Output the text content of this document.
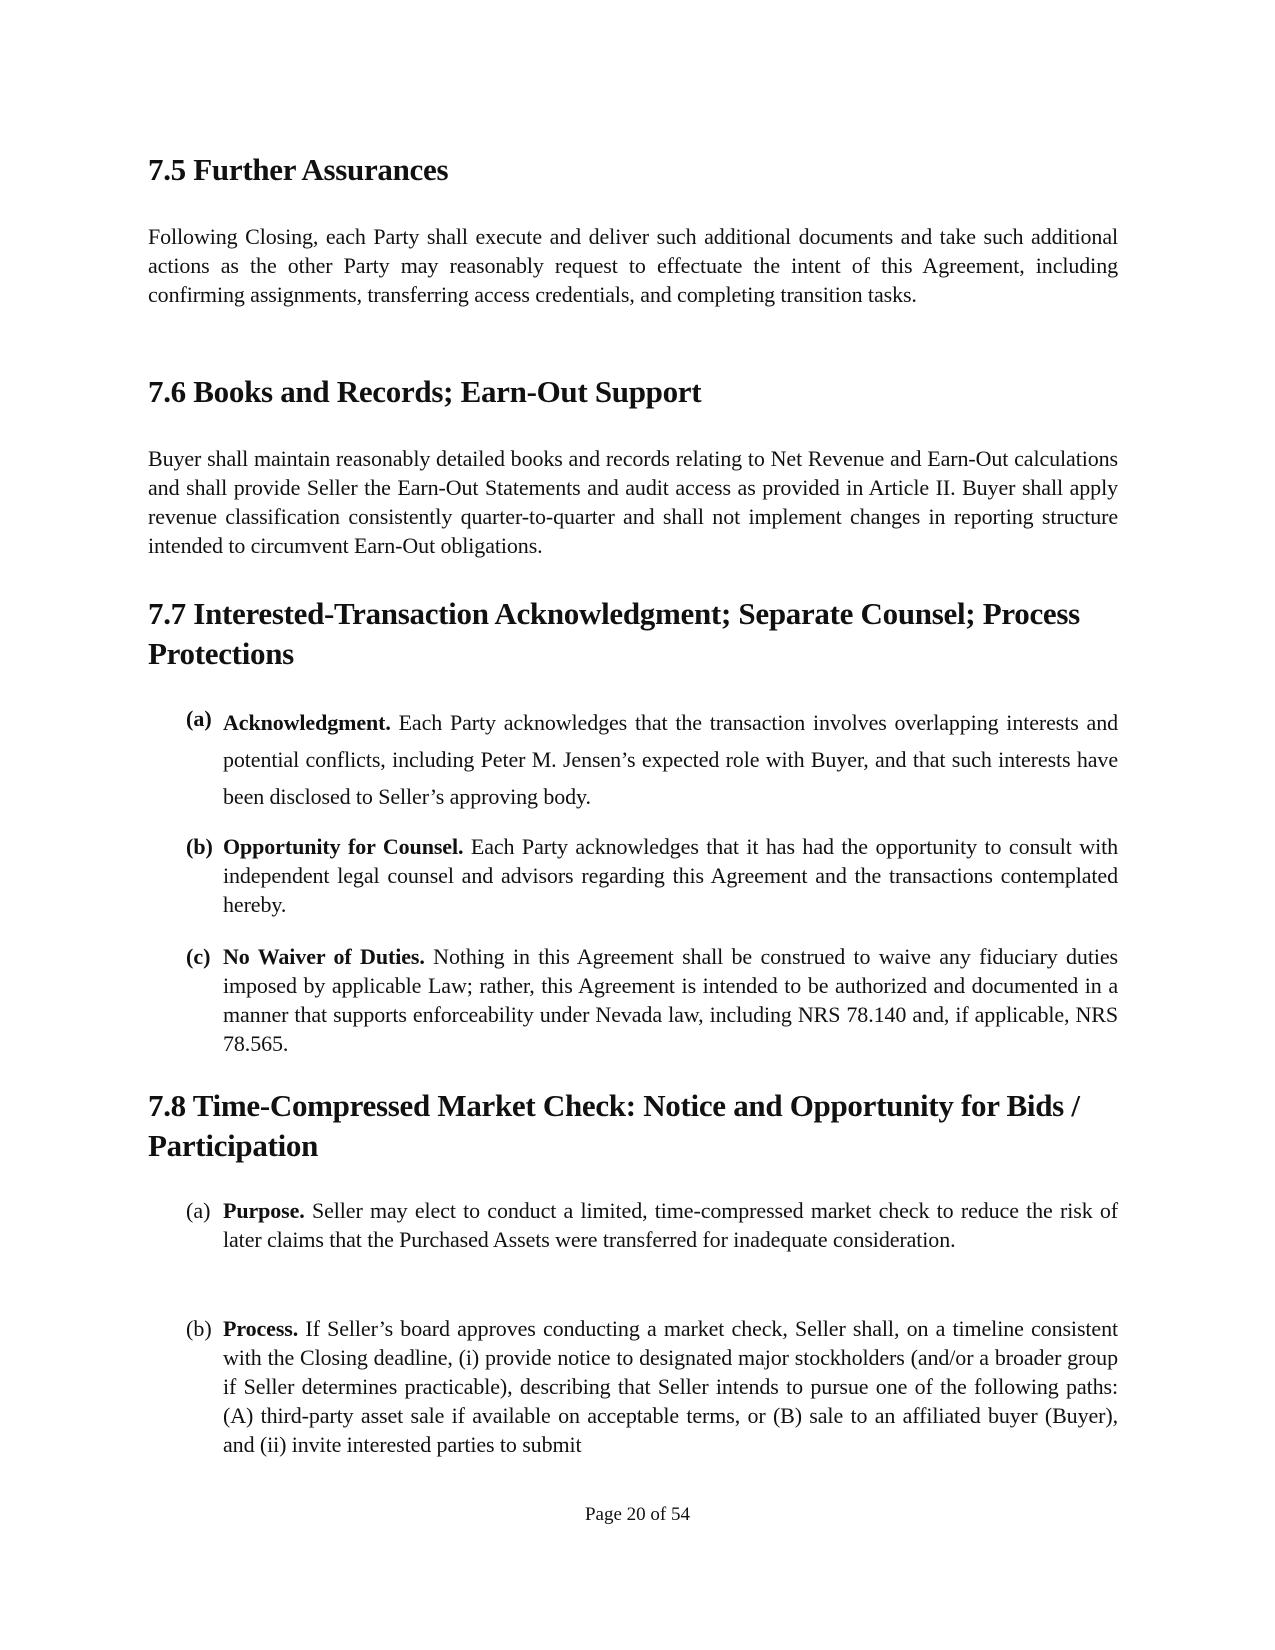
7.5 Further Assurances

Following Closing, each Party shall execute and deliver such additional documents and take such additional actions as the other Party may reasonably request to effectuate the intent of this Agreement, including confirming assignments, transferring access credentials, and completing transition tasks.

7.6 Books and Records; Earn-Out Support

Buyer shall maintain reasonably detailed books and records relating to Net Revenue and Earn-Out calculations and shall provide Seller the Earn-Out Statements and audit access as provided in Article II. Buyer shall apply revenue classification consistently quarter-to-quarter and shall not implement changes in reporting structure intended to circumvent Earn-Out obligations.

7.7 Interested-Transaction Acknowledgment; Separate Counsel; Process Protections
(a) Acknowledgment. Each Party acknowledges that the transaction involves overlapping interests and potential conflicts, including Peter M. Jensen’s expected role with Buyer, and that such interests have been disclosed to Seller’s approving body.

(b) Opportunity for Counsel. Each Party acknowledges that it has had the opportunity to consult with independent legal counsel and advisors regarding this Agreement and the transactions contemplated hereby.

(c) No Waiver of Duties. Nothing in this Agreement shall be construed to waive any fiduciary duties imposed by applicable Law; rather, this Agreement is intended to be authorized and documented in a manner that supports enforceability under Nevada law, including NRS 78.140 and, if applicable, NRS 78.565.

7.8 Time-Compressed Market Check: Notice and Opportunity for Bids / Participation
(a) Purpose. Seller may elect to conduct a limited, time-compressed market check to reduce the risk of later claims that the Purchased Assets were transferred for inadequate consideration.

(b) Process. If Seller’s board approves conducting a market check, Seller shall, on a timeline consistent with the Closing deadline, (i) provide notice to designated major stockholders (and/or a broader group if Seller determines practicable), describing that Seller intends to pursue one of the following paths: (A) third-party asset sale if available on acceptable terms, or (B) sale to an affiliated buyer (Buyer), and (ii) invite interested parties to submit

Page 20 of 54
